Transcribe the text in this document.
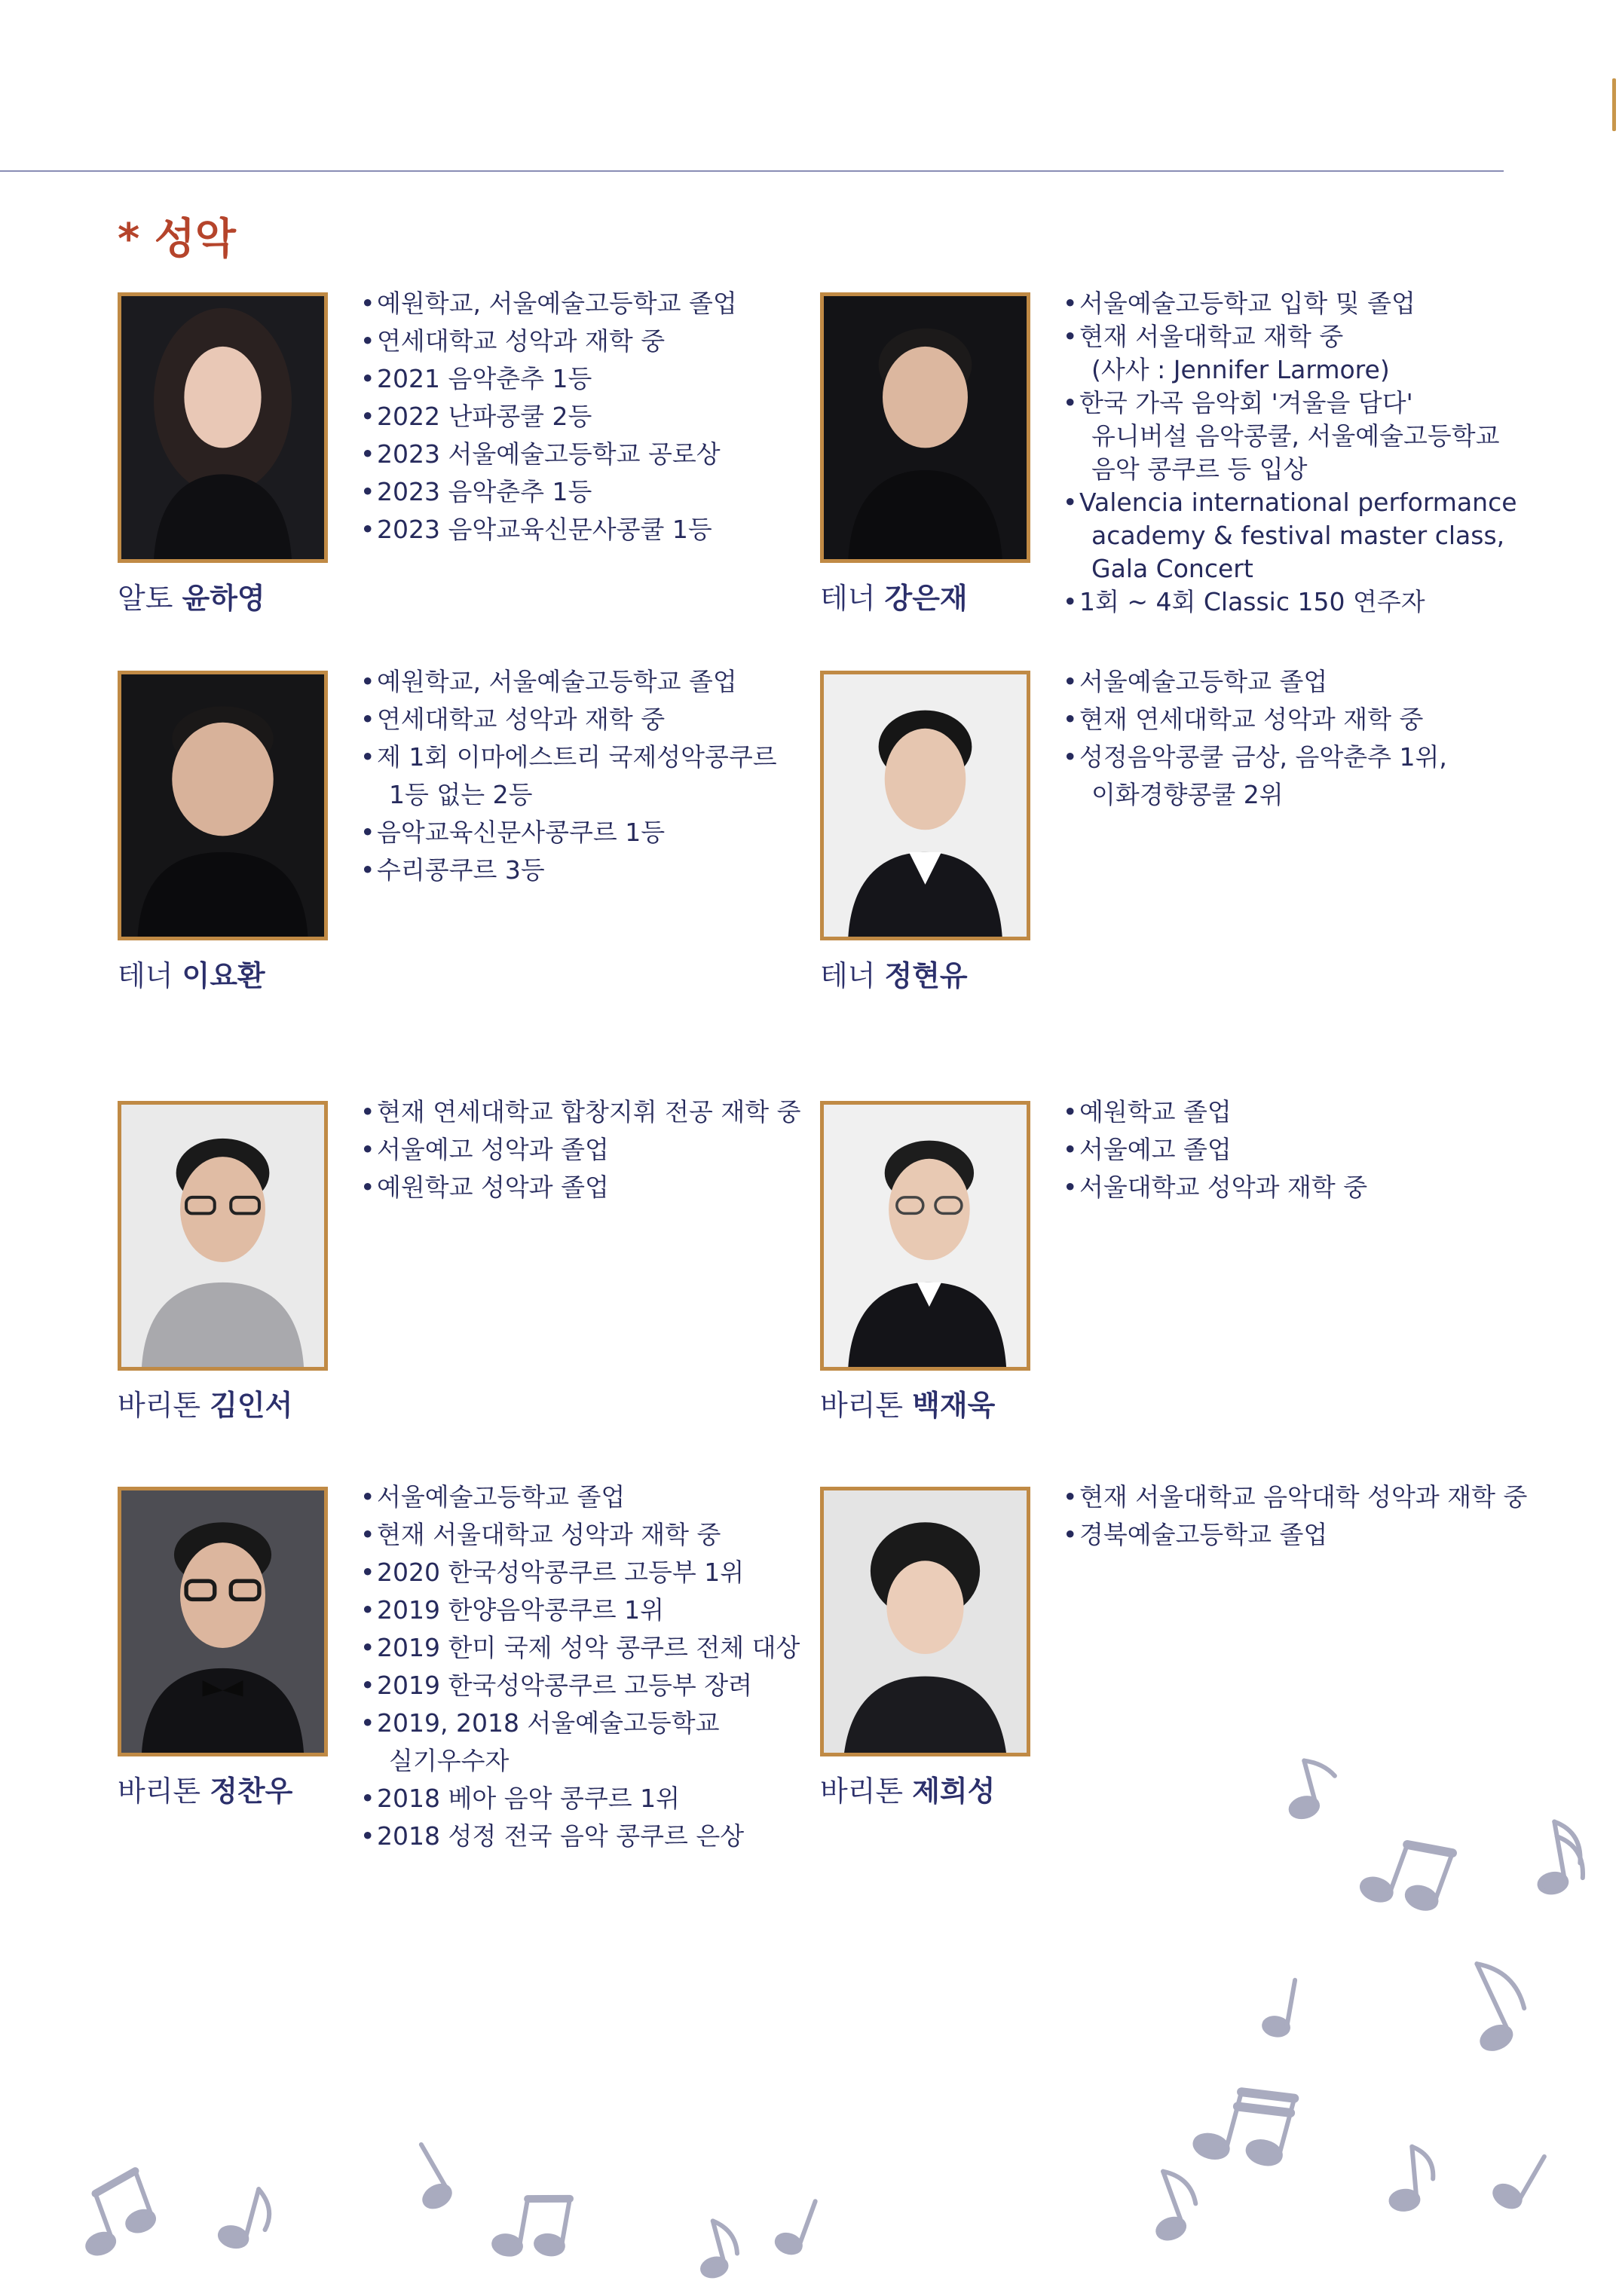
* 성악
알토 윤하영
• 예원학교, 서울예술고등학교 졸업
• 연세대학교 성악과 재학 중
• 2021 음악춘추 1등
• 2022 난파콩쿨 2등
• 2023 서울예술고등학교 공로상
• 2023 음악춘추 1등
• 2023 음악교육신문사콩쿨 1등
테너 강은재
• 서울예술고등학교 입학 및 졸업
• 현재 서울대학교 재학 중
(사사 : Jennifer Larmore)
• 한국 가곡 음악회 '겨울을 담다'
유니버설 음악콩쿨, 서울예술고등학교
음악 콩쿠르 등 입상
• Valencia international performance
academy & festival master class,
Gala Concert
• 1회 ~ 4회 Classic 150 연주자
테너 이요환
• 예원학교, 서울예술고등학교 졸업
• 연세대학교 성악과 재학 중
• 제 1회 이마에스트리 국제성악콩쿠르
1등 없는 2등
• 음악교육신문사콩쿠르 1등
• 수리콩쿠르 3등
테너 정현유
• 서울예술고등학교 졸업
• 현재 연세대학교 성악과 재학 중
• 성정음악콩쿨 금상, 음악춘추 1위,
이화경향콩쿨 2위
바리톤 김인서
• 현재 연세대학교 합창지휘 전공 재학 중
• 서울예고 성악과 졸업
• 예원학교 성악과 졸업
바리톤 백재욱
• 예원학교 졸업
• 서울예고 졸업
• 서울대학교 성악과 재학 중
바리톤 정찬우
• 서울예술고등학교 졸업
• 현재 서울대학교 성악과 재학 중
• 2020 한국성악콩쿠르 고등부 1위
• 2019 한양음악콩쿠르 1위
• 2019 한미 국제 성악 콩쿠르 전체 대상
• 2019 한국성악콩쿠르 고등부 장려
• 2019, 2018 서울예술고등학교
실기우수자
• 2018 베아 음악 콩쿠르 1위
• 2018 성정 전국 음악 콩쿠르 은상
바리톤 제희성
• 현재 서울대학교 음악대학 성악과 재학 중
• 경북예술고등학교 졸업
